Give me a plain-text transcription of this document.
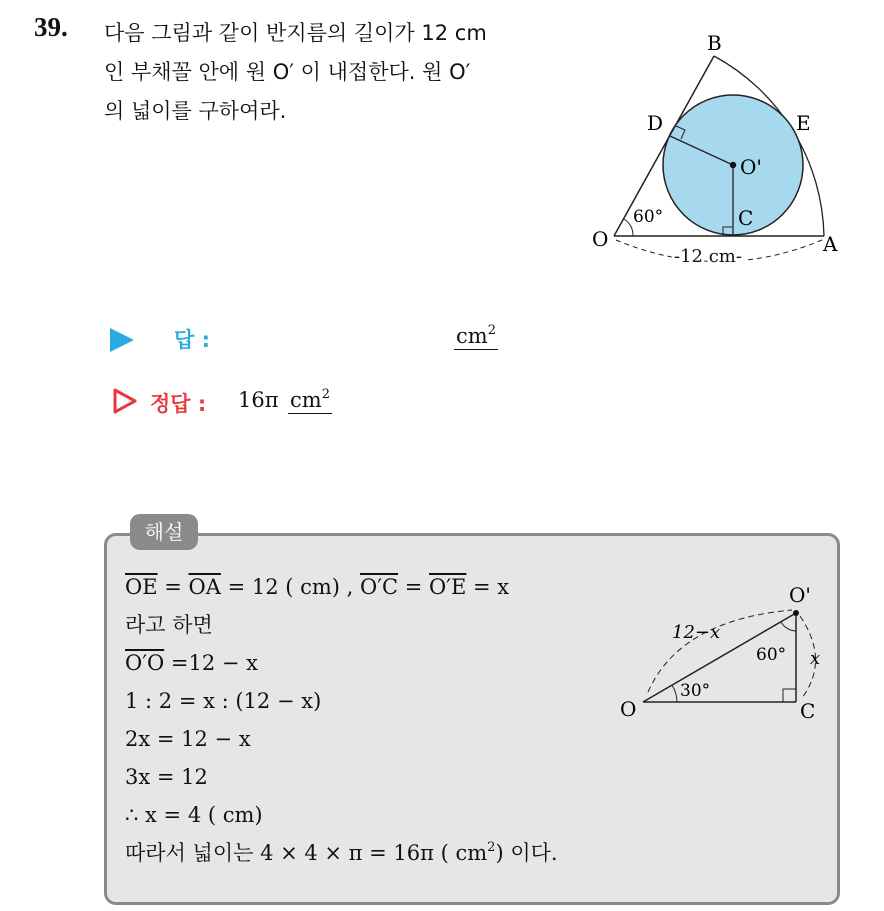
39. 다음 그림과 같이 반지름의 길이가 12 cm
인 부채꼴 안에 원 O′ 이 내접한다. 원 O′
의 넓이를 구하여라.
B
D	E
O'
C
O	A
60°
-12 cm-
답 :	$cm^2$
정답 : 16π $cm^2$
해설
$\overline{OE} = \overline{OA} = 12$ ( cm) , O′C = O′E = x
라고 하면
O′O =12 − x
1 : 2 = x : (12 − x)
2x = 12 − x
3x = 12
∴ x = 4 ( cm)
따라서 넓이는 4 × 4 × π = 16π ( $cm^2$) 이다.
O'
O	C
12−x
x
60°
30°
